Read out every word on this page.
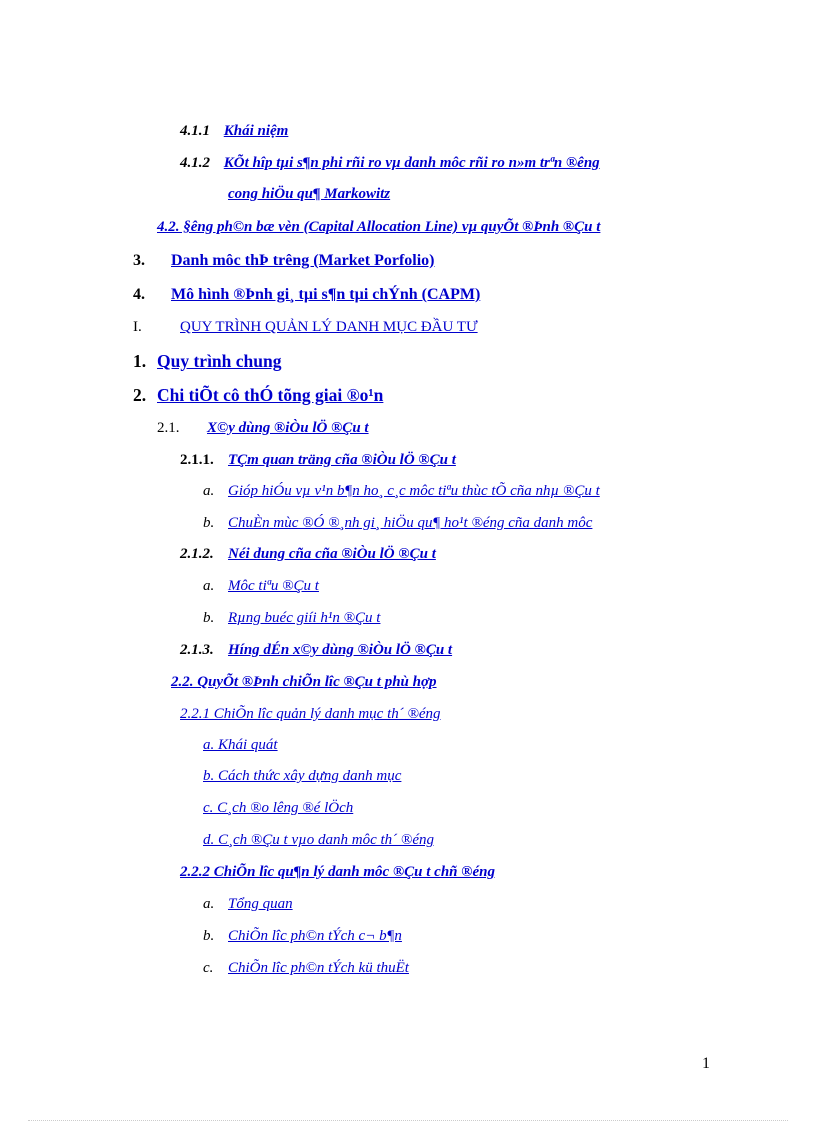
4.1.1 Khái niệm
4.1.2 KÕt hîp tµi s¶n phi rñi ro vµ danh môc rñi ro n»m trªn ®êng
cong hiÖu qu¶ Markowitz
4.2. §êng ph©n bæ vèn (Capital Allocation Line) vµ quyÕt ®Þnh ®Çu t
3. Danh môc thÞ trêng (Market Porfolio)
4. Mô hình ®Þnh gi¸ tµi s¶n tµi chÝnh (CAPM)
I.	QUY TRÌNH QUẢN LÝ DANH MỤC ĐẦU TƯ
1. Quy trình chung
2. Chi tiÕt cô thÓ tõng giai ®o¹n
2.1. X©y dùng ®iÒu lÖ ®Çu t
2.1.1. TÇm quan träng cña ®iÒu lÖ ®Çu t
a. Gióp hiÓu vµ v¹n b¶n ho¸ c¸c môc tiªu thùc tÕ cña nhµ ®Çu t
b. ChuÈn mùc ®Ó ®¸nh gi¸ hiÖu qu¶ ho¹t ®éng cña danh môc
2.1.2. Néi dung cña cña ®iÒu lÖ ®Çu t
a. Môc tiªu ®Çu t
b. Rµng buéc giíi h¹n ®Çu t
2.1.3. Híng dÉn x©y dùng ®iÒu lÖ ®Çu t
2.2. QuyÕt ®Þnh chiÕn lîc ®Çu t phù hợp
2.2.1 ChiÕn lîc quản lý danh mục th´ ®éng
a. Khái quát
b. Cách thức xây dựng danh mục
c. C¸ch ®o lêng ®é lÖch
d. C¸ch ®Çu t vµo danh môc th´ ®éng
2.2.2 ChiÕn lîc qu¶n lý danh môc ®Çu t chñ ®éng
a. Tổng quan
b. ChiÕn lîc ph©n tÝch c¬ b¶n
c. ChiÕn lîc ph©n tÝch kü thuËt
1
